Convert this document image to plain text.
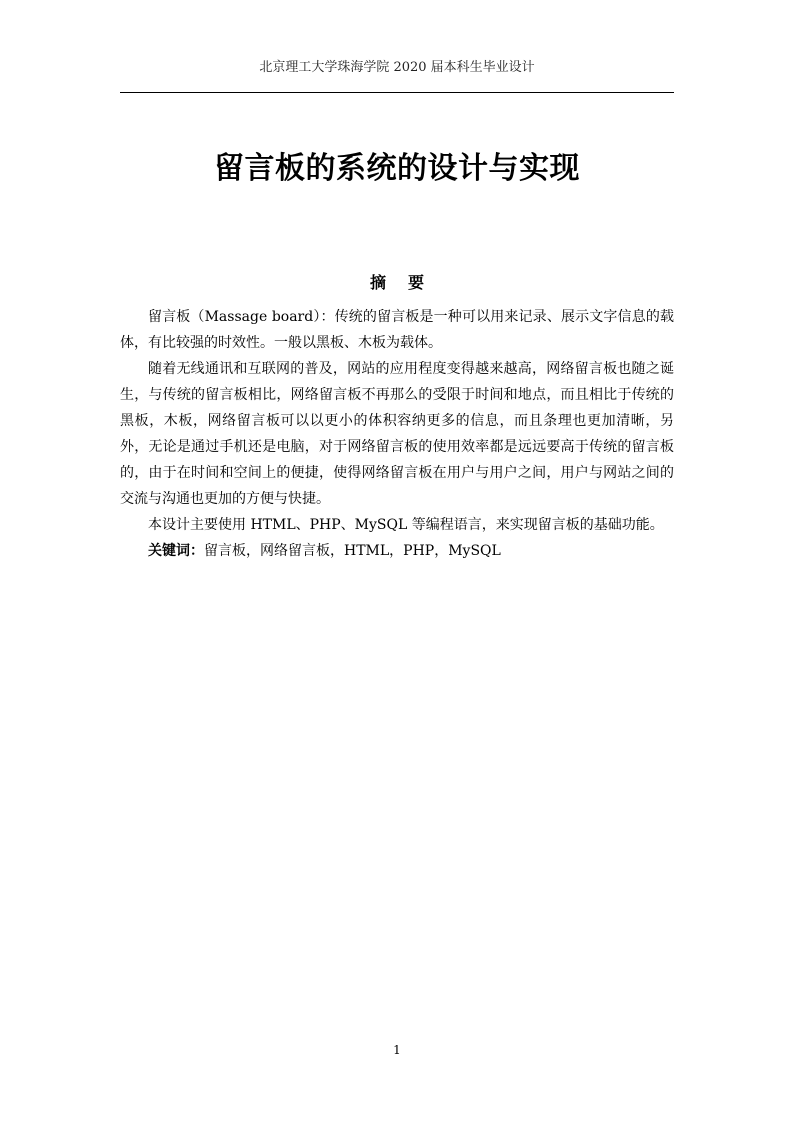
北京理工大学珠海学院 2020 届本科生毕业设计
留言板的系统的设计与实现
摘 要

留言板（Massage board）：传统的留言板是一种可以用来记录、展示文字信息的载体，有比较强的时效性。一般以黑板、木板为载体。

随着无线通讯和互联网的普及，网站的应用程度变得越来越高，网络留言板也随之诞生，与传统的留言板相比，网络留言板不再那么的受限于时间和地点，而且相比于传统的黑板，木板，网络留言板可以以更小的体积容纳更多的信息，而且条理也更加清晰，另外，无论是通过手机还是电脑，对于网络留言板的使用效率都是远远要高于传统的留言板的，由于在时间和空间上的便捷，使得网络留言板在用户与用户之间，用户与网站之间的交流与沟通也更加的方便与快捷。

本设计主要使用 HTML、PHP、MySQL 等编程语言，来实现留言板的基础功能。

关键词：留言板，网络留言板，HTML，PHP，MySQL

1
